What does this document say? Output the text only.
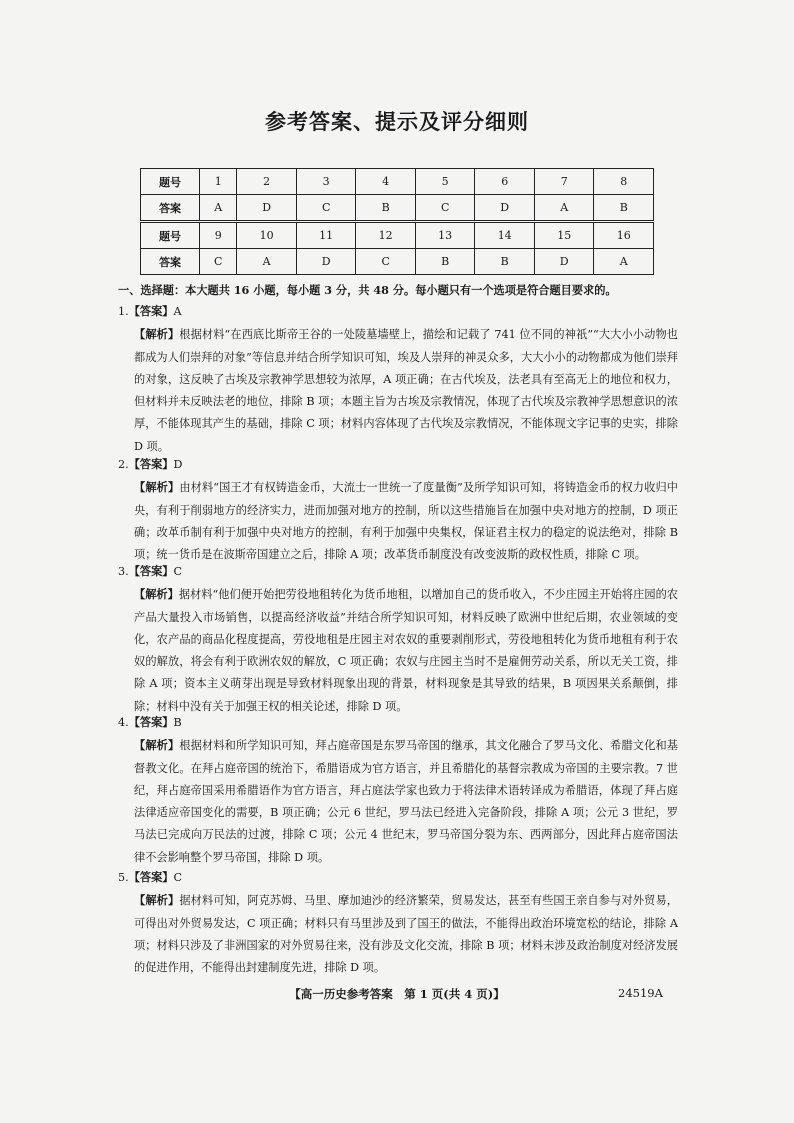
参考答案、提示及评分细则
题号	1	2	3	4	5	6	7	8
答案	A	D	C	B	C	D	A	B
题号	9	10	11	12	13	14	15	16
答案	C	A	D	C	B	B	D	A
一、选择题：本大题共 16 小题，每小题 3 分，共 48 分。每小题只有一个选项是符合题目要求的。
1.【答案】A
【解析】根据材料“在西底比斯帝王谷的一处陵墓墙壁上，描绘和记载了 741 位不同的神祇”“大大小小动物也都成为人们崇拜的对象”等信息并结合所学知识可知，埃及人崇拜的神灵众多，大大小小的动物都成为他们崇拜的对象，这反映了古埃及宗教神学思想较为浓厚，A 项正确；在古代埃及，法老具有至高无上的地位和权力，但材料并未反映法老的地位，排除 B 项；本题主旨为古埃及宗教情况，体现了古代埃及宗教神学思想意识的浓厚，不能体现其产生的基础，排除 C 项；材料内容体现了古代埃及宗教情况，不能体现文字记事的史实，排除 D 项。
2.【答案】D
【解析】由材料“国王才有权铸造金币，大流士一世统一了度量衡”及所学知识可知，将铸造金币的权力收归中央，有利于削弱地方的经济实力，进而加强对地方的控制，所以这些措施旨在加强中央对地方的控制，D 项正确；改革币制有利于加强中央对地方的控制，有利于加强中央集权，保证君主权力的稳定的说法绝对，排除 B 项；统一货币是在波斯帝国建立之后，排除 A 项；改革货币制度没有改变波斯的政权性质，排除 C 项。
3.【答案】C
【解析】据材料“他们便开始把劳役地租转化为货币地租，以增加自己的货币收入，不少庄园主开始将庄园的农产品大量投入市场销售，以提高经济收益”并结合所学知识可知，材料反映了欧洲中世纪后期，农业领域的变化，农产品的商品化程度提高，劳役地租是庄园主对农奴的重要剥削形式，劳役地租转化为货币地租有利于农奴的解放，将会有利于欧洲农奴的解放，C 项正确；农奴与庄园主当时不是雇佣劳动关系，所以无关工资，排除 A 项；资本主义萌芽出现是导致材料现象出现的背景，材料现象是其导致的结果，B 项因果关系颠倒，排除；材料中没有关于加强王权的相关论述，排除 D 项。
4.【答案】B
【解析】根据材料和所学知识可知，拜占庭帝国是东罗马帝国的继承，其文化融合了罗马文化、希腊文化和基督教文化。在拜占庭帝国的统治下，希腊语成为官方语言，并且希腊化的基督宗教成为帝国的主要宗教。7 世纪，拜占庭帝国采用希腊语作为官方语言，拜占庭法学家也致力于将法律术语转译成为希腊语，体现了拜占庭法律适应帝国变化的需要，B 项正确；公元 6 世纪，罗马法已经进入完备阶段，排除 A 项；公元 3 世纪，罗马法已完成向万民法的过渡，排除 C 项；公元 4 世纪末，罗马帝国分裂为东、西两部分，因此拜占庭帝国法律不会影响整个罗马帝国，排除 D 项。
5.【答案】C
【解析】据材料可知，阿克苏姆、马里、摩加迪沙的经济繁荣，贸易发达，甚至有些国王亲自参与对外贸易，可得出对外贸易发达，C 项正确；材料只有马里涉及到了国王的做法，不能得出政治环境宽松的结论，排除 A 项；材料只涉及了非洲国家的对外贸易往来，没有涉及文化交流，排除 B 项；材料未涉及政治制度对经济发展的促进作用，不能得出封建制度先进，排除 D 项。
【高一历史参考答案　第 1 页(共 4 页)】	24519A
